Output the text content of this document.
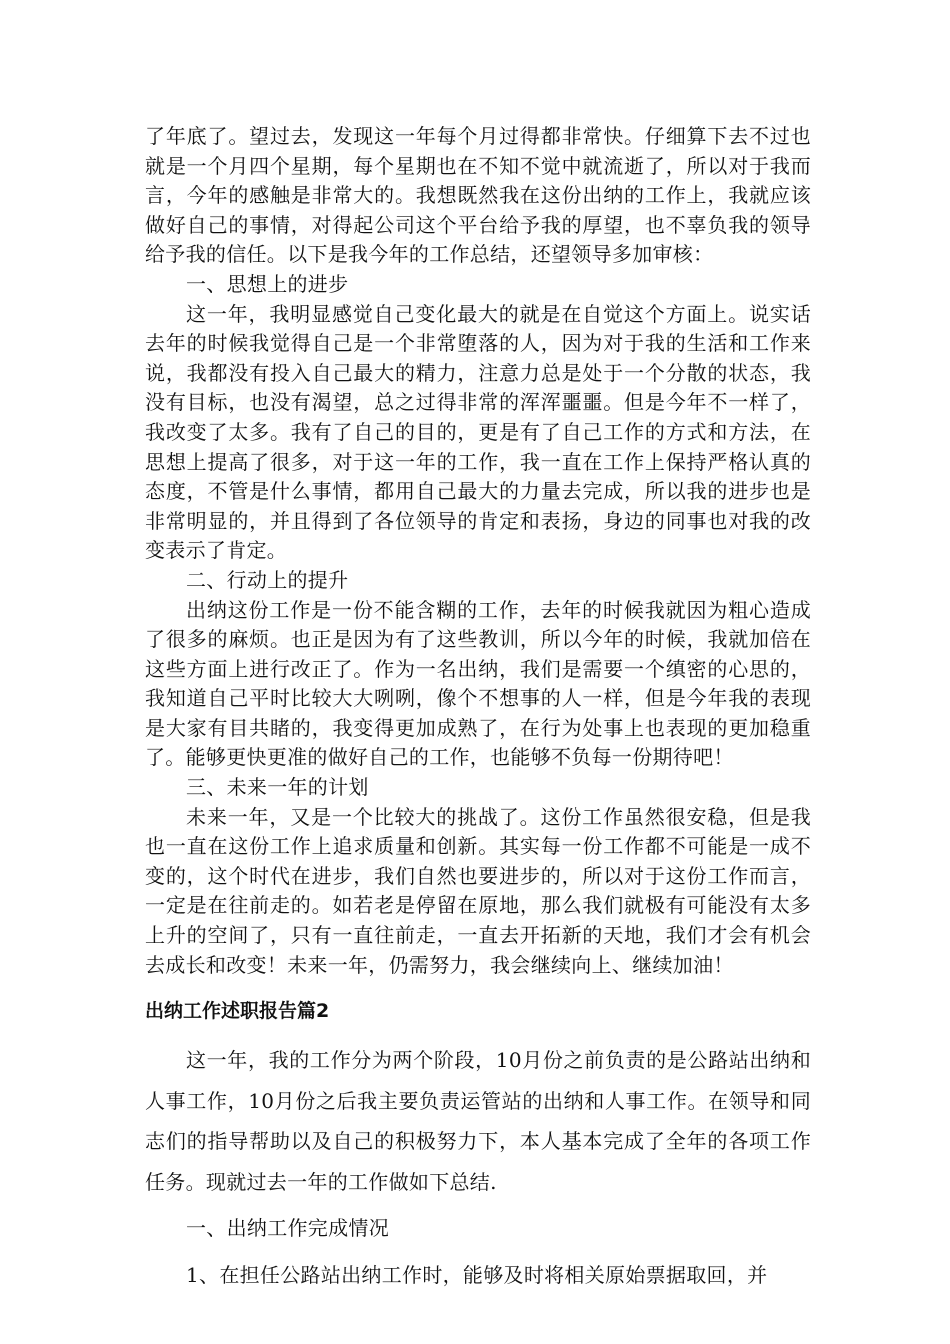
了年底了。望过去，发现这一年每个月过得都非常快。仔细算下去不过也就是一个月四个星期，每个星期也在不知不觉中就流逝了，所以对于我而言，今年的感触是非常大的。我想既然我在这份出纳的工作上，我就应该做好自己的事情，对得起公司这个平台给予我的厚望，也不辜负我的领导给予我的信任。以下是我今年的工作总结，还望领导多加审核：

一、思想上的进步

这一年，我明显感觉自己变化最大的就是在自觉这个方面上。说实话去年的时候我觉得自己是一个非常堕落的人，因为对于我的生活和工作来说，我都没有投入自己最大的精力，注意力总是处于一个分散的状态，我没有目标，也没有渴望，总之过得非常的浑浑噩噩。但是今年不一样了，我改变了太多。我有了自己的目的，更是有了自己工作的方式和方法，在思想上提高了很多，对于这一年的工作，我一直在工作上保持严格认真的态度，不管是什么事情，都用自己最大的力量去完成，所以我的进步也是非常明显的，并且得到了各位领导的肯定和表扬，身边的同事也对我的改变表示了肯定。

二、行动上的提升

出纳这份工作是一份不能含糊的工作，去年的时候我就因为粗心造成了很多的麻烦。也正是因为有了这些教训，所以今年的时候，我就加倍在这些方面上进行改正了。作为一名出纳，我们是需要一个缜密的心思的，我知道自己平时比较大大咧咧，像个不想事的人一样，但是今年我的表现是大家有目共睹的，我变得更加成熟了，在行为处事上也表现的更加稳重了。能够更快更准的做好自己的工作，也能够不负每一份期待吧！

三、未来一年的计划

未来一年，又是一个比较大的挑战了。这份工作虽然很安稳，但是我也一直在这份工作上追求质量和创新。其实每一份工作都不可能是一成不变的，这个时代在进步，我们自然也要进步的，所以对于这份工作而言，一定是在往前走的。如若老是停留在原地，那么我们就极有可能没有太多上升的空间了，只有一直往前走，一直去开拓新的天地，我们才会有机会去成长和改变！未来一年，仍需努力，我会继续向上、继续加油！

出纳工作述职报告篇2

这一年，我的工作分为两个阶段，10月份之前负责的是公路站出纳和人事工作，10月份之后我主要负责运管站的出纳和人事工作。在领导和同志们的指导帮助以及自己的积极努力下，本人基本完成了全年的各项工作任务。现就过去一年的工作做如下总结.

一、出纳工作完成情况

1、在担任公路站出纳工作时，能够及时将相关原始票据取回，并
